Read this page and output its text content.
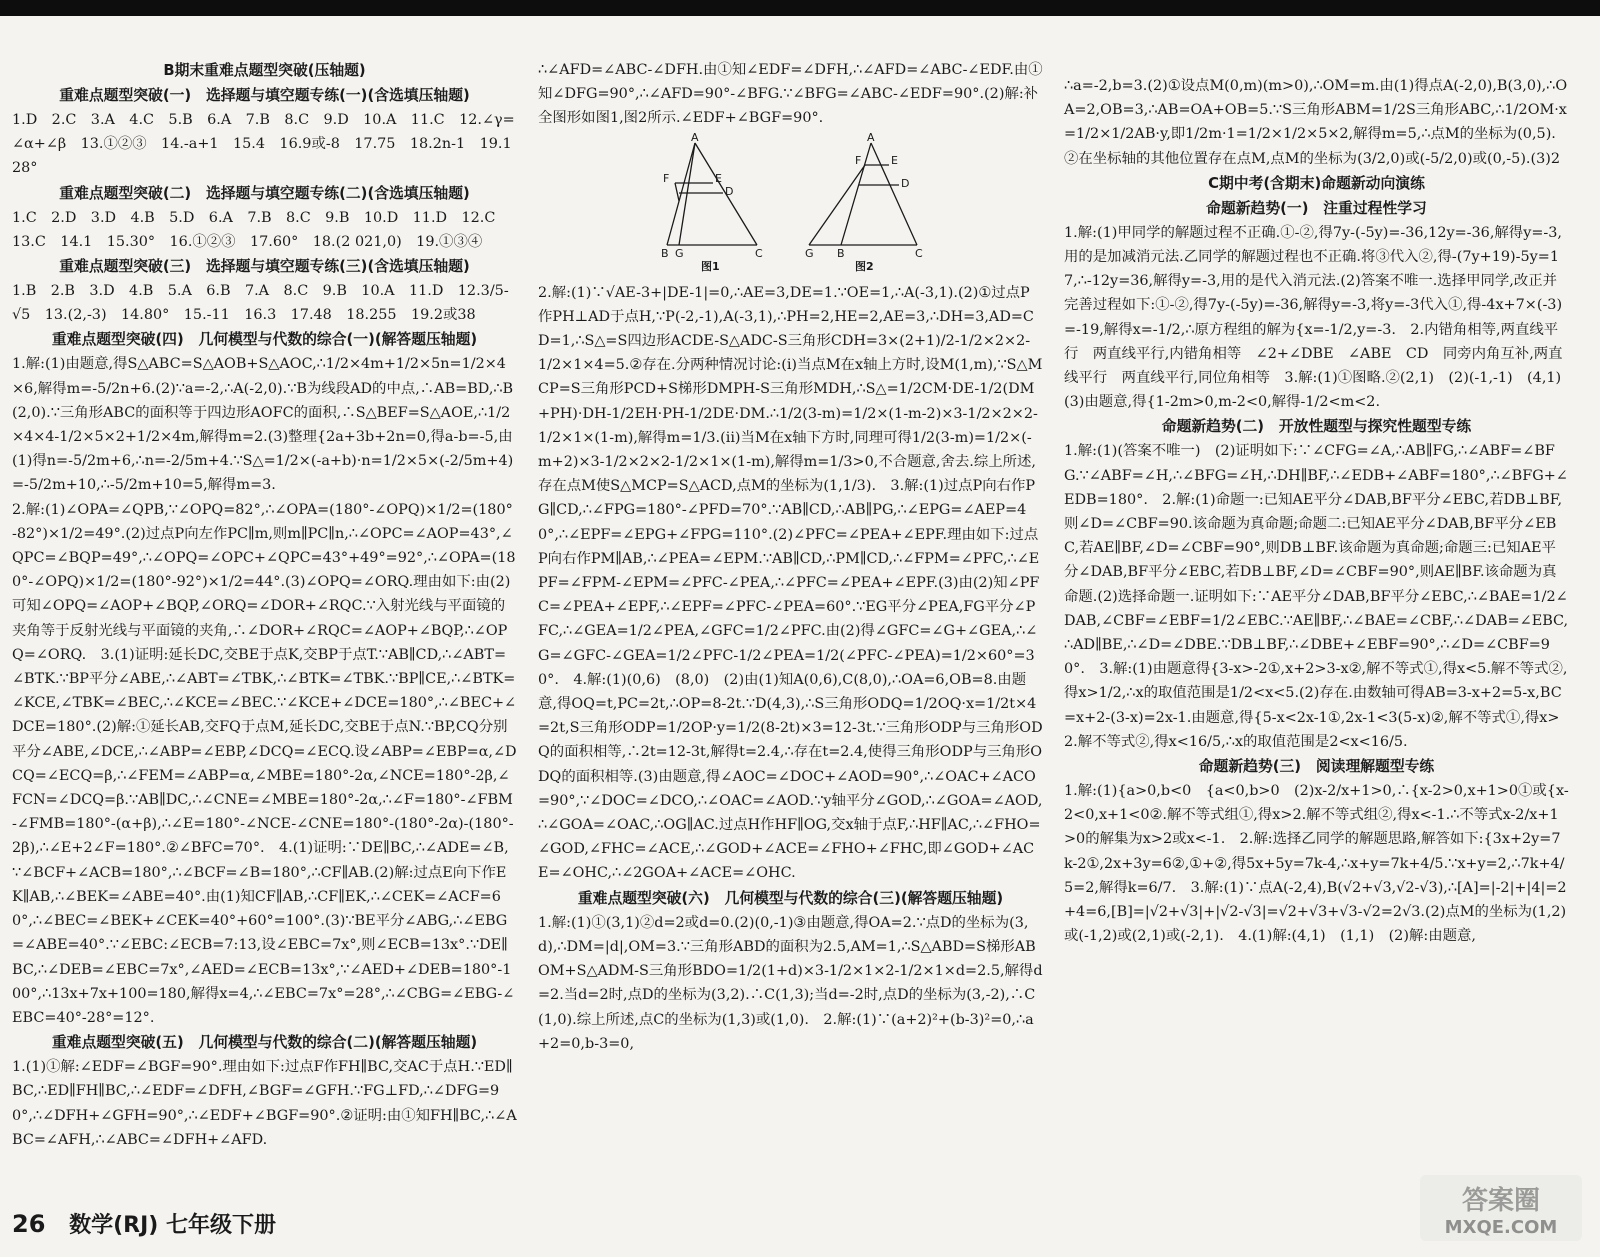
B期末重难点题型突破(压轴题)

重难点题型突破(一)　选择题与填空题专练(一)(含选填压轴题)

1.D　2.C　3.A　4.C　5.B　6.A　7.B　8.C　9.D　10.A　11.C　12.∠γ=∠α+∠β　13.①②③　14.-a+1　15.4　16.9或-8　17.75　18.2n-1　19.128°

重难点题型突破(二)　选择题与填空题专练(二)(含选填压轴题)

1.C　2.D　3.D　4.B　5.D　6.A　7.B　8.C　9.B　10.D　11.D　12.C　13.C　14.1　15.30°　16.①②③　17.60°　18.(2 021,0)　19.①③④

重难点题型突破(三)　选择题与填空题专练(三)(含选填压轴题)

1.B　2.B　3.D　4.B　5.A　6.B　7.A　8.C　9.B　10.A　11.D　12.3/5-√5　13.(2,-3)　14.80°　15.-11　16.3　17.48　18.255　19.2或38

重难点题型突破(四)　几何模型与代数的综合(一)(解答题压轴题)

1.解:(1)由题意,得S△ABC=S△AOB+S△AOC,∴1/2×4m+1/2×5n=1/2×4×6,解得m=-5/2n+6.(2)∵a=-2,∴A(-2,0).∵B为线段AD的中点,∴AB=BD,∴B(2,0).∵三角形ABC的面积等于四边形AOFC的面积,∴S△BEF=S△AOE,∴1/2×4×4-1/2×5×2+1/2×4m,解得m=2.(3)整理{2a+3b+2n=0,得a-b=-5,由(1)得n=-5/2m+6,∴n=-2/5m+4.∵S△=1/2×(-a+b)·n=1/2×5×(-2/5m+4)=-5/2m+10,∴-5/2m+10=5,解得m=3.

2.解:(1)∠OPA=∠QPB,∵∠OPQ=82°,∴∠OPA=(180°-∠OPQ)×1/2=(180°-82°)×1/2=49°.(2)过点P向左作PC∥m,则m∥PC∥n,∴∠OPC=∠AOP=43°,∠QPC=∠BQP=49°,∴∠OPQ=∠OPC+∠QPC=43°+49°=92°,∴∠OPA=(180°-∠OPQ)×1/2=(180°-92°)×1/2=44°.(3)∠OPQ=∠ORQ.理由如下:由(2)可知∠OPQ=∠AOP+∠BQP,∠ORQ=∠DOR+∠RQC.∵入射光线与平面镜的夹角等于反射光线与平面镜的夹角,∴∠DOR+∠RQC=∠AOP+∠BQP,∴∠OPQ=∠ORQ.　3.(1)证明:延长DC,交BE于点K,交BP于点T.∵AB∥CD,∴∠ABT=∠BTK.∵BP平分∠ABE,∴∠ABT=∠TBK,∴∠BTK=∠TBK.∵BP∥CE,∴∠BTK=∠KCE,∠TBK=∠BEC,∴∠KCE=∠BEC.∵∠KCE+∠DCE=180°,∴∠BEC+∠DCE=180°.(2)解:①延长AB,交FQ于点M,延长DC,交BE于点N.∵BP,CQ分别平分∠ABE,∠DCE,∴∠ABP=∠EBP,∠DCQ=∠ECQ.设∠ABP=∠EBP=α,∠DCQ=∠ECQ=β,∴∠FEM=∠ABP=α,∠MBE=180°-2α,∠NCE=180°-2β,∠FCN=∠DCQ=β.∵AB∥DC,∴∠CNE=∠MBE=180°-2α,∴∠F=180°-∠FBM-∠FMB=180°-(α+β),∴∠E=180°-∠NCE-∠CNE=180°-(180°-2α)-(180°-2β),∴∠E+2∠F=180°.②∠BFC=70°.　4.(1)证明:∵DE∥BC,∴∠ADE=∠B,∵∠BCF+∠ACB=180°,∴∠BCF=∠B=180°,∴CF∥AB.(2)解:过点E向下作EK∥AB,∴∠BEK=∠ABE=40°.由(1)知CF∥AB,∴CF∥EK,∴∠CEK=∠ACF=60°,∴∠BEC=∠BEK+∠CEK=40°+60°=100°.(3)∵BE平分∠ABG,∴∠EBG=∠ABE=40°.∵∠EBC:∠ECB=7:13,设∠EBC=7x°,则∠ECB=13x°.∵DE∥BC,∴∠DEB=∠EBC=7x°,∠AED=∠ECB=13x°,∵∠AED+∠DEB=180°-100°,∴13x+7x+100=180,解得x=4,∴∠EBC=7x°=28°,∴∠CBG=∠EBG-∠EBC=40°-28°=12°.

重难点题型突破(五)　几何模型与代数的综合(二)(解答题压轴题)

1.(1)①解:∠EDF=∠BGF=90°.理由如下:过点F作FH∥BC,交AC于点H.∵ED∥BC,∴ED∥FH∥BC,∴∠EDF=∠DFH,∠BGF=∠GFH.∵FG⊥FD,∴∠DFG=90°,∴∠DFH+∠GFH=90°,∴∠EDF+∠BGF=90°.②证明:由①知FH∥BC,∴∠ABC=∠AFH,∴∠ABC=∠DFH+∠AFD.

∴∠AFD=∠ABC-∠DFH.由①知∠EDF=∠DFH,∴∠AFD=∠ABC-∠EDF.由①知∠DFG=90°,∴∠AFD=90°-∠BFG.∵∠BFG=∠ABC-∠EDF=90°.(2)解:补全图形如图1,图2所示.∠EDF+∠BGF=90°.

A
F	E
D
B G	C
图1
A
F	E
D
G B	C
图2

2.解:(1)∵√AE-3+|DE-1|=0,∴AE=3,DE=1.∵OE=1,∴A(-3,1).(2)①过点P作PH⊥AD于点H,∵P(-2,-1),A(-3,1),∴PH=2,HE=2,AE=3,∴DH=3,AD=CD=1,∴S△=S四边形ACDE-S△ADC-S三角形CDH=3×(2+1)/2-1/2×2×2-1/2×1×4=5.②存在.分两种情况讨论:(i)当点M在x轴上方时,设M(1,m),∵S△MCP=S三角形PCD+S梯形DMPH-S三角形MDH,∴S△=1/2CM·DE-1/2(DM+PH)·DH-1/2EH·PH-1/2DE·DM.∴1/2(3-m)=1/2×(1-m-2)×3-1/2×2×2-1/2×1×(1-m),解得m=1/3.(ii)当M在x轴下方时,同理可得1/2(3-m)=1/2×(-m+2)×3-1/2×2×2-1/2×1×(1-m),解得m=1/3>0,不合题意,舍去.综上所述,存在点M使S△MCP=S△ACD,点M的坐标为(1,1/3).　3.解:(1)过点P向右作PG∥CD,∴∠FPG=180°-∠PFD=70°.∵AB∥CD,∴AB∥PG,∴∠EPG=∠AEP=40°,∴∠EPF=∠EPG+∠FPG=110°.(2)∠PFC=∠PEA+∠EPF.理由如下:过点P向右作PM∥AB,∴∠PEA=∠EPM.∵AB∥CD,∴PM∥CD,∴∠FPM=∠PFC,∴∠EPF=∠FPM-∠EPM=∠PFC-∠PEA,∴∠PFC=∠PEA+∠EPF.(3)由(2)知∠PFC=∠PEA+∠EPF,∴∠EPF=∠PFC-∠PEA=60°.∵EG平分∠PEA,FG平分∠PFC,∴∠GEA=1/2∠PEA,∠GFC=1/2∠PFC.由(2)得∠GFC=∠G+∠GEA,∴∠G=∠GFC-∠GEA=1/2∠PFC-1/2∠PEA=1/2(∠PFC-∠PEA)=1/2×60°=30°.　4.解:(1)(0,6)　(8,0)　(2)由(1)知A(0,6),C(8,0),∴OA=6,OB=8.由题意,得OQ=t,PC=2t,∴OP=8-2t.∵D(4,3),∴S三角形ODQ=1/2OQ·x=1/2t×4=2t,S三角形ODP=1/2OP·y=1/2(8-2t)×3=12-3t.∵三角形ODP与三角形ODQ的面积相等,∴2t=12-3t,解得t=2.4,∴存在t=2.4,使得三角形ODP与三角形ODQ的面积相等.(3)由题意,得∠AOC=∠DOC+∠AOD=90°,∴∠OAC+∠ACO=90°,∵∠DOC=∠DCO,∴∠OAC=∠AOD.∵y轴平分∠GOD,∴∠GOA=∠AOD,∴∠GOA=∠OAC,∴OG∥AC.过点H作HF∥OG,交x轴于点F,∴HF∥AC,∴∠FHO=∠GOD,∠FHC=∠ACE,∴∠GOD+∠ACE=∠FHO+∠FHC,即∠GOD+∠ACE=∠OHC,∴∠2GOA+∠ACE=∠OHC.

重难点题型突破(六)　几何模型与代数的综合(三)(解答题压轴题)

1.解:(1)①(3,1)②d=2或d=0.(2)(0,-1)③由题意,得OA=2.∵点D的坐标为(3,d),∴DM=|d|,OM=3.∵三角形ABD的面积为2.5,AM=1,∴S△ABD=S梯形ABOM+S△ADM-S三角形BDO=1/2(1+d)×3-1/2×1×2-1/2×1×d=2.5,解得d=2.当d=2时,点D的坐标为(3,2).∴C(1,3);当d=-2时,点D的坐标为(3,-2),∴C(1,0).综上所述,点C的坐标为(1,3)或(1,0).　2.解:(1)∵(a+2)²+(b-3)²=0,∴a+2=0,b-3=0,

∴a=-2,b=3.(2)①设点M(0,m)(m>0),∴OM=m.由(1)得点A(-2,0),B(3,0),∴OA=2,OB=3,∴AB=OA+OB=5.∵S三角形ABM=1/2S三角形ABC,∴1/2OM·x=1/2×1/2AB·y,即1/2m·1=1/2×1/2×5×2,解得m=5,∴点M的坐标为(0,5).②在坐标轴的其他位置存在点M,点M的坐标为(3/2,0)或(-5/2,0)或(0,-5).(3)2

C期中考(含期末)命题新动向演练

命题新趋势(一)　注重过程性学习

1.解:(1)甲同学的解题过程不正确.①-②,得7y-(-5y)=-36,12y=-36,解得y=-3,用的是加减消元法.乙同学的解题过程也不正确.将③代入②,得-(7y+19)-5y=17,∴-12y=36,解得y=-3,用的是代入消元法.(2)答案不唯一.选择甲同学,改正并完善过程如下:①-②,得7y-(-5y)=-36,解得y=-3,将y=-3代入①,得-4x+7×(-3)=-19,解得x=-1/2,∴原方程组的解为{x=-1/2,y=-3.　2.内错角相等,两直线平行　两直线平行,内错角相等　∠2+∠DBE　∠ABE　CD　同旁内角互补,两直线平行　两直线平行,同位角相等　3.解:(1)①图略.②(2,1)　(2)(-1,-1)　(4,1)　(3)由题意,得{1-2m>0,m-2<0,解得-1/2<m<2.

命题新趋势(二)　开放性题型与探究性题型专练

1.解:(1)(答案不唯一)　(2)证明如下:∵∠CFG=∠A,∴AB∥FG,∴∠ABF=∠BFG.∵∠ABF=∠H,∴∠BFG=∠H,∴DH∥BF,∴∠EDB+∠ABF=180°,∴∠BFG+∠EDB=180°.　2.解:(1)命题一:已知AE平分∠DAB,BF平分∠EBC,若DB⊥BF,则∠D=∠CBF=90.该命题为真命题;命题二:已知AE平分∠DAB,BF平分∠EBC,若AE∥BF,∠D=∠CBF=90°,则DB⊥BF.该命题为真命题;命题三:已知AE平分∠DAB,BF平分∠EBC,若DB⊥BF,∠D=∠CBF=90°,则AE∥BF.该命题为真命题.(2)选择命题一.证明如下:∵AE平分∠DAB,BF平分∠EBC,∴∠BAE=1/2∠DAB,∠CBF=∠EBF=1/2∠EBC.∵AE∥BF,∴∠BAE=∠CBF,∴∠DAB=∠EBC,∴AD∥BE,∴∠D=∠DBE.∵DB⊥BF,∴∠DBE+∠EBF=90°,∴∠D=∠CBF=90°.　3.解:(1)由题意得{3-x>-2①,x+2>3-x②,解不等式①,得x<5.解不等式②,得x>1/2,∴x的取值范围是1/2<x<5.(2)存在.由数轴可得AB=3-x+2=5-x,BC=x+2-(3-x)=2x-1.由题意,得{5-x<2x-1①,2x-1<3(5-x)②,解不等式①,得x>2.解不等式②,得x<16/5,∴x的取值范围是2<x<16/5.

命题新趋势(三)　阅读理解题型专练

1.解:(1){a>0,b<0　{a<0,b>0　(2)x-2/x+1>0,∴{x-2>0,x+1>0①或{x-2<0,x+1<0②.解不等式组①,得x>2.解不等式组②,得x<-1.∴不等式x-2/x+1>0的解集为x>2或x<-1.　2.解:选择乙同学的解题思路,解答如下:{3x+2y=7k-2①,2x+3y=6②,①+②,得5x+5y=7k-4,∴x+y=7k+4/5.∵x+y=2,∴7k+4/5=2,解得k=6/7.　3.解:(1)∵点A(-2,4),B(√2+√3,√2-√3),∴[A]=|-2|+|4|=2+4=6,[B]=|√2+√3|+|√2-√3|=√2+√3+√3-√2=2√3.(2)点M的坐标为(1,2)或(-1,2)或(2,1)或(-2,1).　4.(1)解:(4,1)　(1,1)　(2)解:由题意,

26 数学(RJ) 七年级下册
答案圈
MXQE.COM
